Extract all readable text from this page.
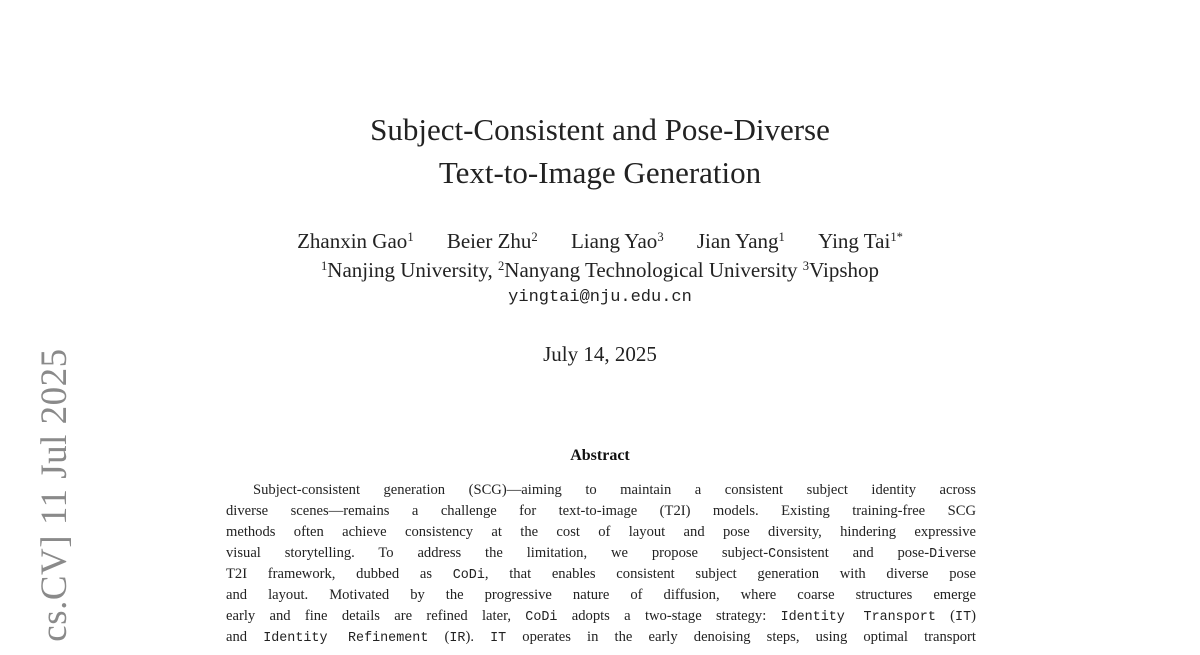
cs.CV] 11 Jul 2025
Subject-Consistent and Pose-Diverse
Text-to-Image Generation
Zhanxin Gao$^1$ Beier Zhu$^2$ Liang Yao$^3$ Jian Yang$^1$ Ying Tai$^{1*}$
$^1$Nanjing University, $^2$Nanyang Technological University $^3$Vipshop
yingtai@nju.edu.cn
July 14, 2025
Abstract
Subject-consistent generation (SCG)—aiming to maintain a consistent subject identity across
diverse scenes—remains a challenge for text-to-image (T2I) models. Existing training-free SCG
methods often achieve consistency at the cost of layout and pose diversity, hindering expressive
visual storytelling. To address the limitation, we propose subject-Consistent and pose-Diverse
T2I framework, dubbed as CoDi, that enables consistent subject generation with diverse pose
and layout. Motivated by the progressive nature of diffusion, where coarse structures emerge
early and fine details are refined later, CoDi adopts a two-stage strategy: Identity Transport (IT)
and Identity Refinement (IR). IT operates in the early denoising steps, using optimal transport
